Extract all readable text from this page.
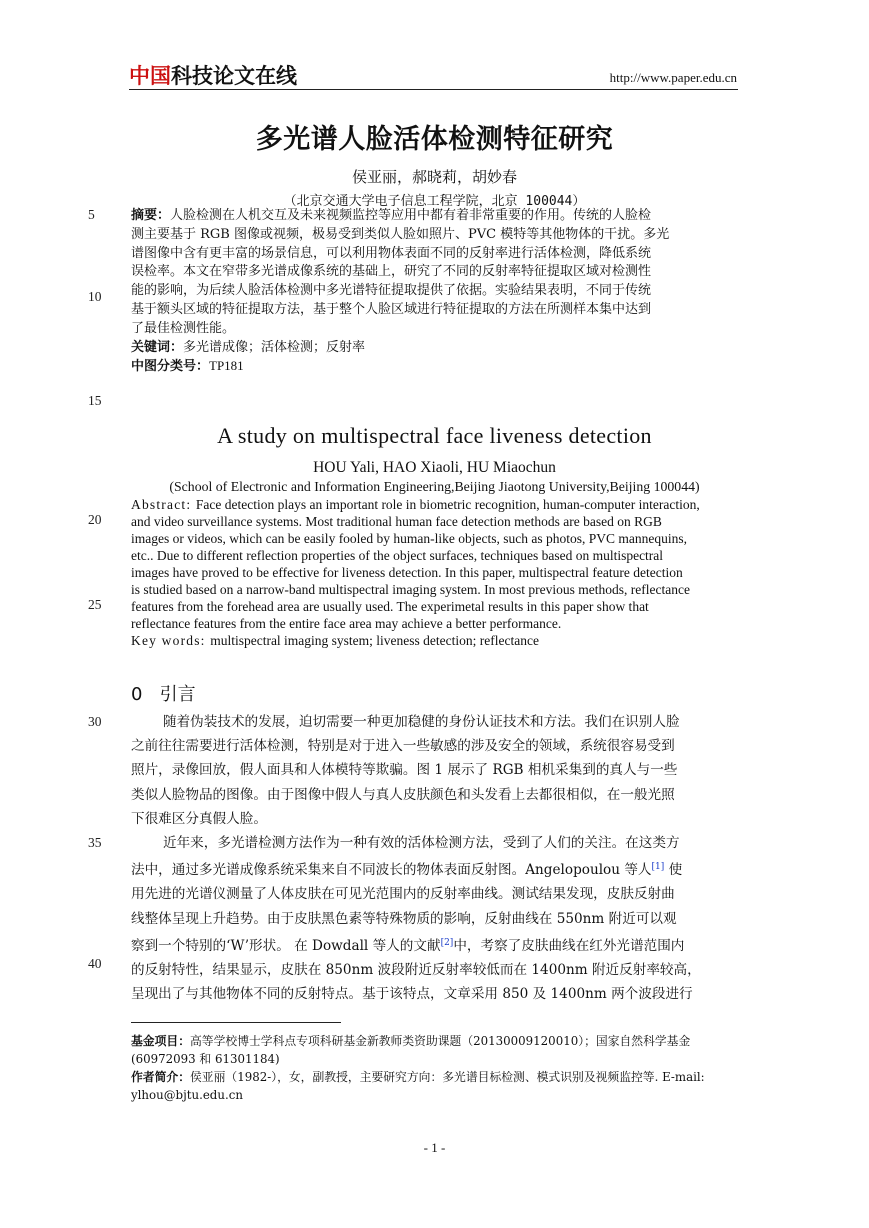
中国科技论文在线	http://www.paper.edu.cn
多光谱人脸活体检测特征研究
侯亚丽，郝晓莉，胡妙春
（北京交通大学电子信息工程学院，北京 100044）
5
10
15
20
25
30
35
40
摘要：人脸检测在人机交互及未来视频监控等应用中都有着非常重要的作用。传统的人脸检
测主要基于 RGB 图像或视频，极易受到类似人脸如照片、PVC 模特等其他物体的干扰。多光
谱图像中含有更丰富的场景信息，可以利用物体表面不同的反射率进行活体检测，降低系统
误检率。本文在窄带多光谱成像系统的基础上，研究了不同的反射率特征提取区域对检测性
能的影响，为后续人脸活体检测中多光谱特征提取提供了依据。实验结果表明，不同于传统
基于额头区域的特征提取方法，基于整个人脸区域进行特征提取的方法在所测样本集中达到
了最佳检测性能。
关键词：多光谱成像；活体检测；反射率
中图分类号：TP181
A study on multispectral face liveness detection
HOU Yali, HAO Xiaoli, HU Miaochun
(School of Electronic and Information Engineering,Beijing Jiaotong University,Beijing 100044)
Abstract: Face detection plays an important role in biometric recognition, human-computer interaction,
and video surveillance systems. Most traditional human face detection methods are based on RGB
images or videos, which can be easily fooled by human-like objects, such as photos, PVC mannequins,
etc.. Due to different reflection properties of the object surfaces, techniques based on multispectral
images have proved to be effective for liveness detection. In this paper, multispectral feature detection
is studied based on a narrow-band multispectral imaging system. In most previous methods, reflectance
features from the forehead area are usually used. The experimetal results in this paper show that
reflectance features from the entire face area may achieve a better performance.
Key words: multispectral imaging system; liveness detection; reflectance
0 引言
随着伪装技术的发展，迫切需要一种更加稳健的身份认证技术和方法。我们在识别人脸
之前往往需要进行活体检测，特别是对于进入一些敏感的涉及安全的领域，系统很容易受到
照片，录像回放，假人面具和人体模特等欺骗。图 1 展示了 RGB 相机采集到的真人与一些
类似人脸物品的图像。由于图像中假人与真人皮肤颜色和头发看上去都很相似，在一般光照
下很难区分真假人脸。
近年来，多光谱检测方法作为一种有效的活体检测方法，受到了人们的关注。在这类方
法中，通过多光谱成像系统采集来自不同波长的物体表面反射图。Angelopoulou 等人[1] 使
用先进的光谱仪测量了人体皮肤在可见光范围内的反射率曲线。测试结果发现，皮肤反射曲
线整体呈现上升趋势。由于皮肤黑色素等特殊物质的影响，反射曲线在 550nm 附近可以观
察到一个特别的‘W’形状。 在 Dowdall 等人的文献[2]中，考察了皮肤曲线在红外光谱范围内
的反射特性，结果显示，皮肤在 850nm 波段附近反射率较低而在 1400nm 附近反射率较高，
呈现出了与其他物体不同的反射特点。基于该特点，文章采用 850 及 1400nm 两个波段进行
基金项目：高等学校博士学科点专项科研基金新教师类资助课题（20130009120010）；国家自然科学基金
(60972093 和 61301184)
作者简介：侯亚丽（1982-），女，副教授，主要研究方向：多光谱目标检测、模式识别及视频监控等. E-mail:
ylhou@bjtu.edu.cn
- 1 -
